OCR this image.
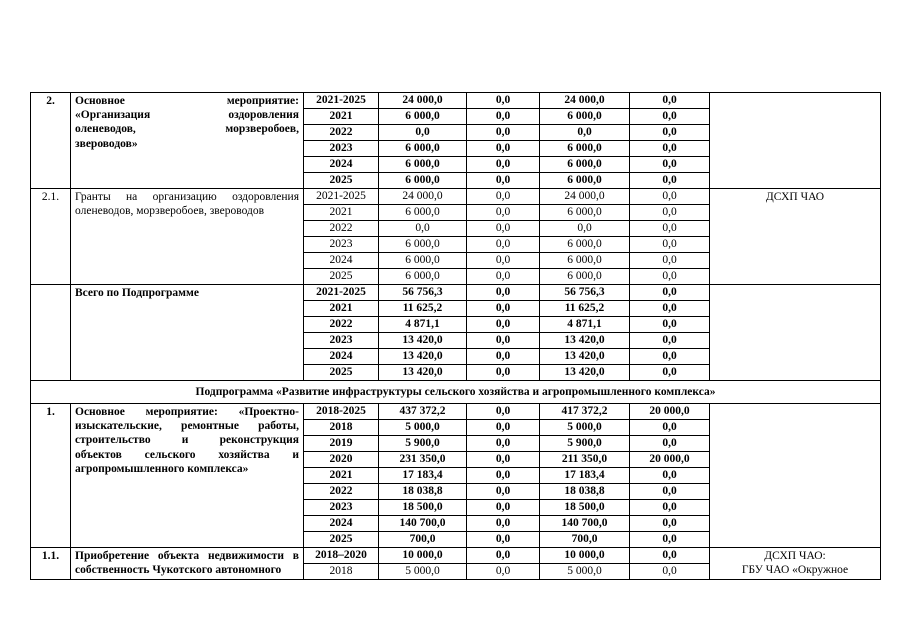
2.	Основное мероприятие:
«Организация оздоровления
оленеводов, морзверобоев,
звероводов»	2021-2025	24 000,0	0,0	24 000,0	0,0	
		2021	6 000,0	0,0	6 000,0	0,0	
		2022	0,0	0,0	0,0	0,0	
		2023	6 000,0	0,0	6 000,0	0,0	
		2024	6 000,0	0,0	6 000,0	0,0	
		2025	6 000,0	0,0	6 000,0	0,0	
2.1.	Гранты на организацию оздоровления
оленеводов, морзверобоев, звероводов	2021-2025	24 000,0	0,0	24 000,0	0,0	ДСХП ЧАО
		2021	6 000,0	0,0	6 000,0	0,0	
		2022	0,0	0,0	0,0	0,0	
		2023	6 000,0	0,0	6 000,0	0,0	
		2024	6 000,0	0,0	6 000,0	0,0	
		2025	6 000,0	0,0	6 000,0	0,0	

	Всего по Подпрограмме	2021-2025	56 756,3	0,0	56 756,3	0,0	
		2021	11 625,2	0,0	11 625,2	0,0	
		2022	4 871,1	0,0	4 871,1	0,0	
		2023	13 420,0	0,0	13 420,0	0,0	
		2024	13 420,0	0,0	13 420,0	0,0	
		2025	13 420,0	0,0	13 420,0	0,0	
Подпрограмма «Развитие инфраструктуры сельского хозяйства и агропромышленного комплекса»							
1.	Основное мероприятие: «Проектно-
изыскательские, ремонтные работы,
строительство и реконструкция
объектов сельского хозяйства и
агропромышленного комплекса»	2018-2025	437 372,2	0,0	417 372,2	20 000,0	
		2018	5 000,0	0,0	5 000,0	0,0	
		2019	5 900,0	0,0	5 900,0	0,0	
		2020	231 350,0	0,0	211 350,0	20 000,0	
		2021	17 183,4	0,0	17 183,4	0,0	
		2022	18 038,8	0,0	18 038,8	0,0	
		2023	18 500,0	0,0	18 500,0	0,0	
		2024	140 700,0	0,0	140 700,0	0,0	
		2025	700,0	0,0	700,0	0,0	
1.1.	Приобретение объекта недвижимости в
собственность Чукотского автономного	2018–2020	10 000,0	0,0	10 000,0	0,0	ДСХП ЧАО:
ГБУ ЧАО «Окружное
		2018	5 000,0	0,0	5 000,0	0,0	
